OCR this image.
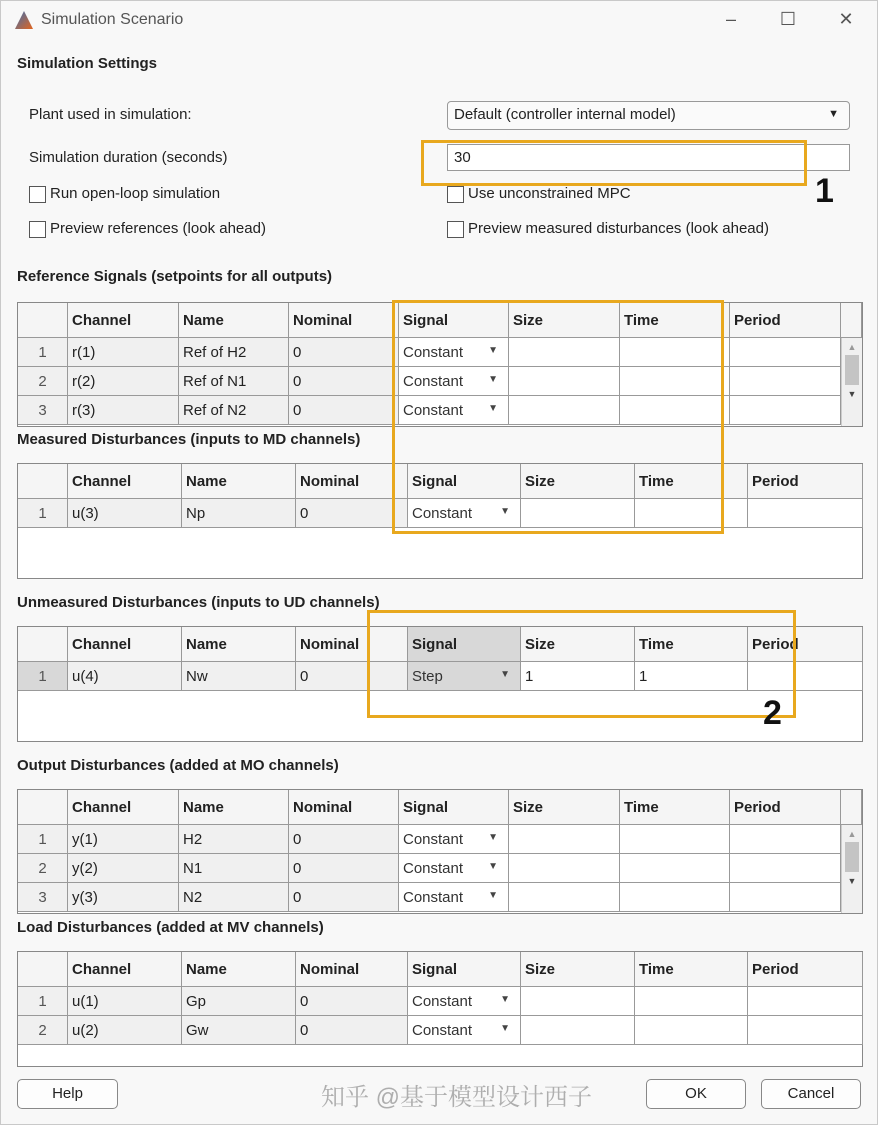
Simulation Scenario	–	☐	✕
Simulation Settings
Plant used in simulation:	Default (controller internal model)	▼
Simulation duration (seconds)	30
Run open-loop simulation	Use unconstrained MPC
Preview references (look ahead)	Preview measured disturbances (look ahead)
Reference Signals (setpoints for all outputs)
Channel	Name	Nominal	Signal	Size	Time	Period
1	r(1)	Ref of H2	0	Constant	▼
2	r(2)	Ref of N1	0	Constant	▼
3	r(3)	Ref of N2	0	Constant	▼
▲
▼
Measured Disturbances (inputs to MD channels)
Channel	Name	Nominal	Signal	Size	Time	Period
1	u(3)	Np	0	Constant	▼
Unmeasured Disturbances (inputs to UD channels)
Channel	Name	Nominal	Signal	Size	Time	Period
1	u(4)	Nw	0	Step	▼ 1	1
Output Disturbances (added at MO channels)
Channel	Name	Nominal	Signal	Size	Time	Period
1	y(1)	H2	0	Constant	▼
2	y(2)	N1	0	Constant	▼
3	y(3)	N2	0	Constant	▼
▲
▼
Load Disturbances (added at MV channels)
Channel	Name	Nominal	Signal	Size	Time	Period
1	u(1)	Gp	0	Constant	▼
2	u(2)	Gw	0	Constant	▼
Help	OK	Cancel
知乎 @基于模型设计西子
1
2
